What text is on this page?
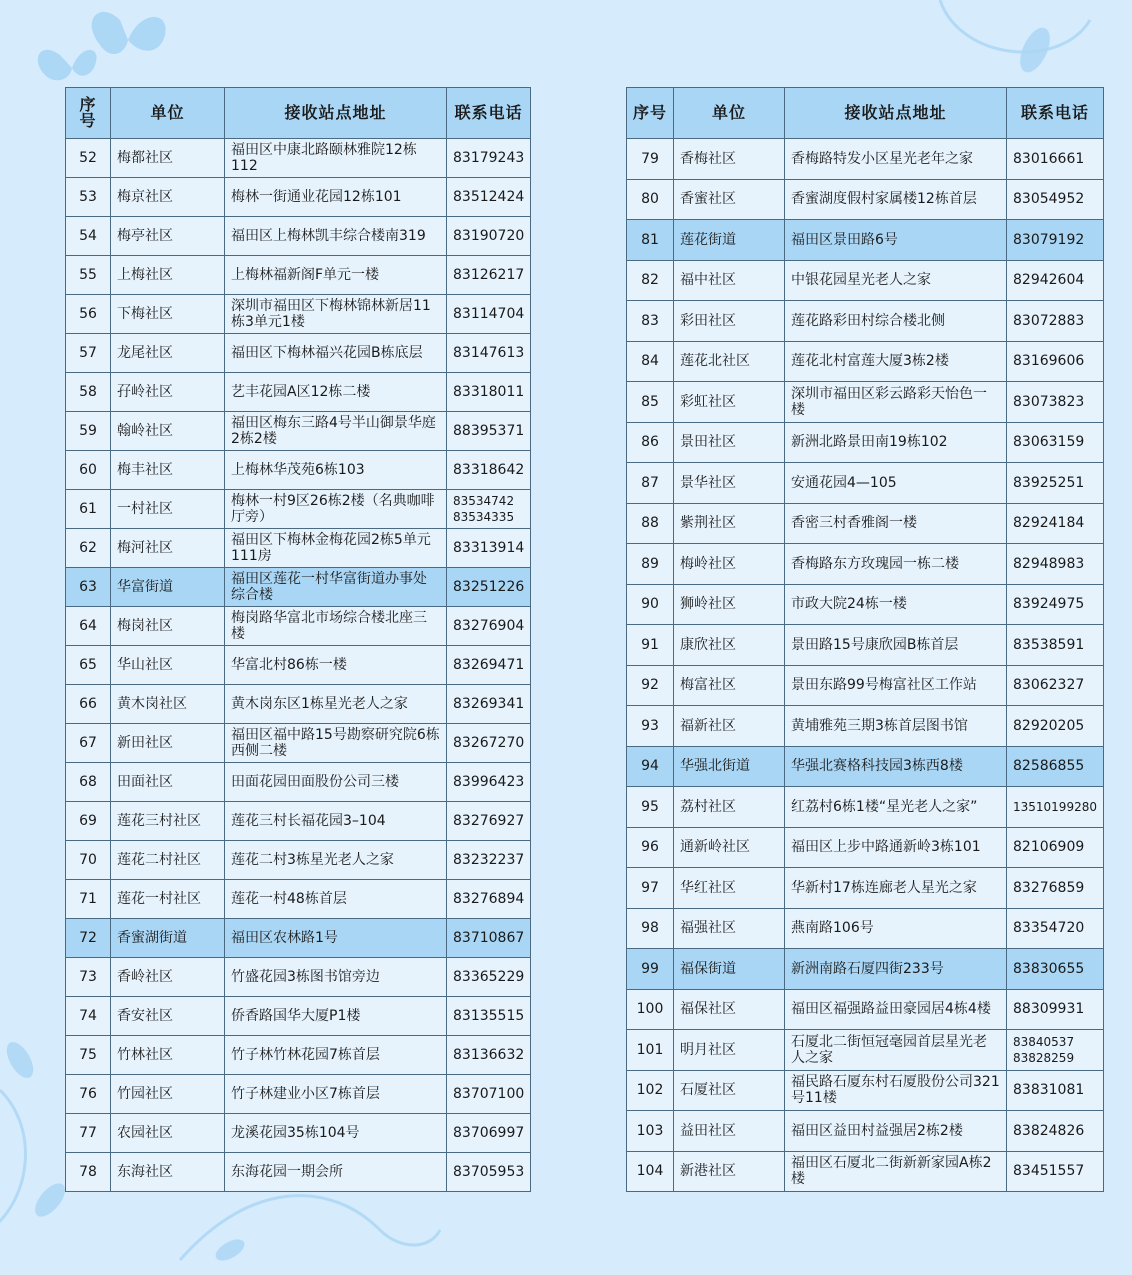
序号	单位	接收站点地址	联系电话
52	梅都社区	福田区中康北路颐林雅院12栋112	83179243
53	梅京社区	梅林一街通业花园12栋101	83512424
54	梅亭社区	福田区上梅林凯丰综合楼南319	83190720
55	上梅社区	上梅林福新阁F单元一楼	83126217
56	下梅社区	深圳市福田区下梅林锦林新居11栋3单元1楼	83114704
57	龙尾社区	福田区下梅林福兴花园B栋底层	83147613
58	孖岭社区	艺丰花园A区12栋二楼	83318011
59	翰岭社区	福田区梅东三路4号半山御景华庭2栋2楼	88395371
60	梅丰社区	上梅林华茂苑6栋103	83318642
61	一村社区	梅林一村9区26栋2楼（名典咖啡厅旁）	83534742
83534335
62	梅河社区	福田区下梅林金梅花园2栋5单元111房	83313914
63	华富街道	福田区莲花一村华富街道办事处综合楼	83251226
64	梅岗社区	梅岗路华富北市场综合楼北座三楼	83276904
65	华山社区	华富北村86栋一楼	83269471
66	黄木岗社区	黄木岗东区1栋星光老人之家	83269341
67	新田社区	福田区福中路15号勘察研究院6栋西侧二楼	83267270
68	田面社区	田面花园田面股份公司三楼	83996423
69	莲花三村社区	莲花三村长福花园3–104	83276927
70	莲花二村社区	莲花二村3栋星光老人之家	83232237
71	莲花一村社区	莲花一村48栋首层	83276894
72	香蜜湖街道	福田区农林路1号	83710867
73	香岭社区	竹盛花园3栋图书馆旁边	83365229
74	香安社区	侨香路国华大厦P1楼	83135515
75	竹林社区	竹子林竹林花园7栋首层	83136632
76	竹园社区	竹子林建业小区7栋首层	83707100
77	农园社区	龙溪花园35栋104号	83706997
78	东海社区	东海花园一期会所	83705953
序号	单位	接收站点地址	联系电话
79	香梅社区	香梅路特发小区星光老年之家	83016661
80	香蜜社区	香蜜湖度假村家属楼12栋首层	83054952
81	莲花街道	福田区景田路6号	83079192
82	福中社区	中银花园星光老人之家	82942604
83	彩田社区	莲花路彩田村综合楼北侧	83072883
84	莲花北社区	莲花北村富莲大厦3栋2楼	83169606
85	彩虹社区	深圳市福田区彩云路彩天怡色一楼	83073823
86	景田社区	新洲北路景田南19栋102	83063159
87	景华社区	安通花园4—105	83925251
88	紫荆社区	香密三村香雅阁一楼	82924184
89	梅岭社区	香梅路东方玫瑰园一栋二楼	82948983
90	狮岭社区	市政大院24栋一楼	83924975
91	康欣社区	景田路15号康欣园B栋首层	83538591
92	梅富社区	景田东路99号梅富社区工作站	83062327
93	福新社区	黄埔雅苑三期3栋首层图书馆	82920205
94	华强北街道	华强北赛格科技园3栋西8楼	82586855
95	荔村社区	红荔村6栋1楼“星光老人之家”	13510199280
96	通新岭社区	福田区上步中路通新岭3栋101	82106909
97	华红社区	华新村17栋连廊老人星光之家	83276859
98	福强社区	燕南路106号	83354720
99	福保街道	新洲南路石厦四街233号	83830655
100	福保社区	福田区福强路益田豪园居4栋4楼	88309931
101	明月社区	石厦北二街恒冠毫园首层星光老人之家	83840537
83828259
102	石厦社区	福民路石厦东村石厦股份公司321号11楼	83831081
103	益田社区	福田区益田村益强居2栋2楼	83824826
104	新港社区	福田区石厦北二街新新家园A栋2楼	83451557
